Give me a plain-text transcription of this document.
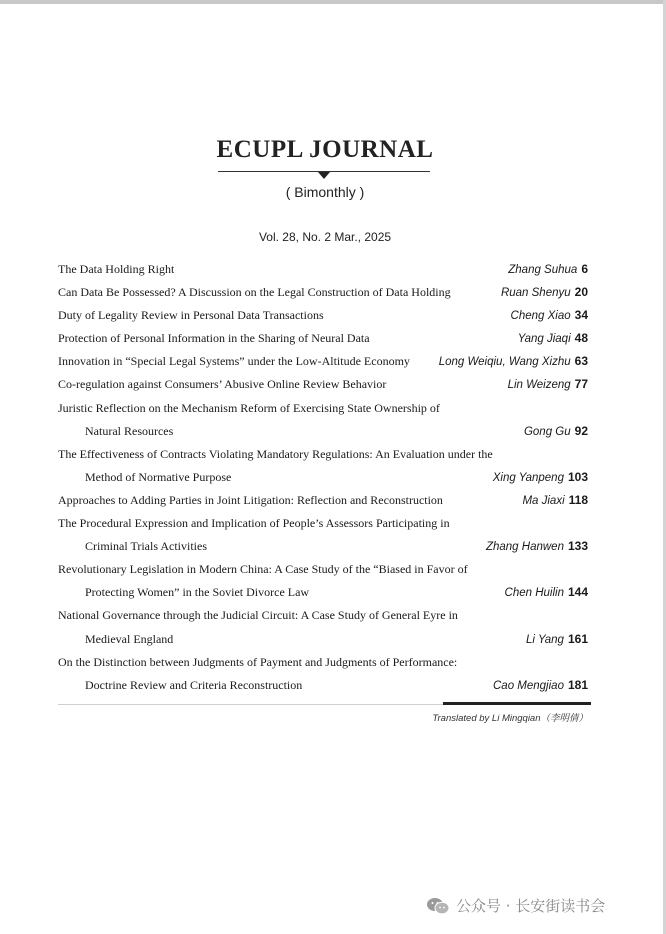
ECUPL JOURNAL
( Bimonthly )
Vol. 28, No. 2 Mar., 2025
The Data Holding Right	Zhang Suhua 6
Can Data Be Possessed? A Discussion on the Legal Construction of Data Holding	Ruan Shenyu 20
Duty of Legality Review in Personal Data Transactions	Cheng Xiao 34
Protection of Personal Information in the Sharing of Neural Data	Yang Jiaqi 48
Innovation in “Special Legal Systems” under the Low-Altitude Economy	Long Weiqiu, Wang Xizhu 63
Co-regulation against Consumers’ Abusive Online Review Behavior	Lin Weizeng 77
Juristic Reflection on the Mechanism Reform of Exercising State Ownership of
Natural Resources	Gong Gu 92
The Effectiveness of Contracts Violating Mandatory Regulations: An Evaluation under the
Method of Normative Purpose	Xing Yanpeng 103
Approaches to Adding Parties in Joint Litigation: Reflection and Reconstruction	Ma Jiaxi 118
The Procedural Expression and Implication of People’s Assessors Participating in
Criminal Trials Activities	Zhang Hanwen 133
Revolutionary Legislation in Modern China: A Case Study of the “Biased in Favor of
Protecting Women” in the Soviet Divorce Law	Chen Huilin 144
National Governance through the Judicial Circuit: A Case Study of General Eyre in
Medieval England	Li Yang 161
On the Distinction between Judgments of Payment and Judgments of Performance:
Doctrine Review and Criteria Reconstruction	Cao Mengjiao 181
Translated by Li Mingqian（李明倩）
公众号 · 长安街读书会
